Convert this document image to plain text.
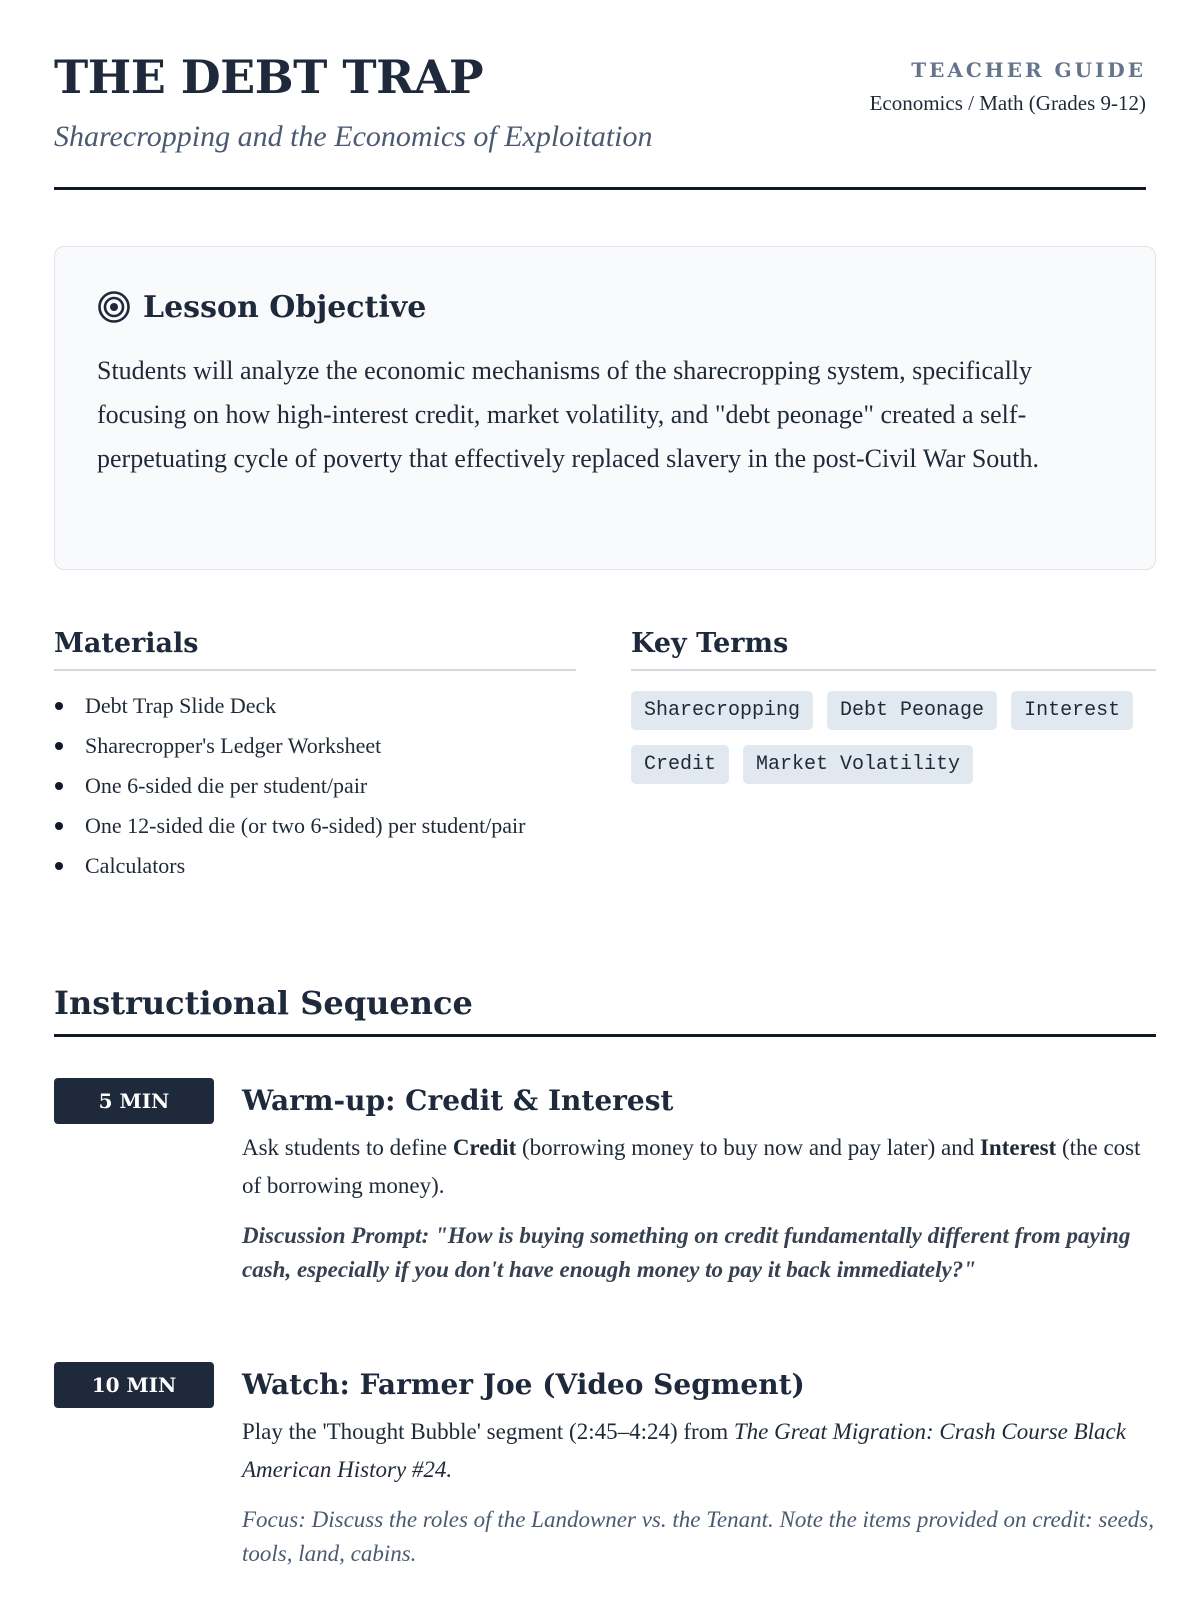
THE DEBT TRAP
Sharecropping and the Economics of Exploitation
TEACHER GUIDE
Economics / Math (Grades 9-12)
Lesson Objective

Students will analyze the economic mechanisms of the sharecropping system, specifically focusing on how high-interest credit, market volatility, and "debt peonage" created a self-perpetuating cycle of poverty that effectively replaced slavery in the post-Civil War South.

Materials
Debt Trap Slide Deck
Sharecropper's Ledger Worksheet
One 6-sided die per student/pair
One 12-sided die (or two 6-sided) per student/pair
Calculators
Key Terms
Sharecropping	Debt Peonage	Interest
Credit	Market Volatility
Instructional Sequence
5 MIN	Warm-up: Credit & Interest

Ask students to define Credit (borrowing money to buy now and pay later) and Interest (the cost of borrowing money).

Discussion Prompt: "How is buying something on credit fundamentally different from paying cash, especially if you don't have enough money to pay it back immediately?"

10 MIN	Watch: Farmer Joe (Video Segment)

Play the 'Thought Bubble' segment (2:45–4:24) from The Great Migration: Crash Course Black American History #24.

Focus: Discuss the roles of the Landowner vs. the Tenant. Note the items provided on credit: seeds, tools, land, cabins.
